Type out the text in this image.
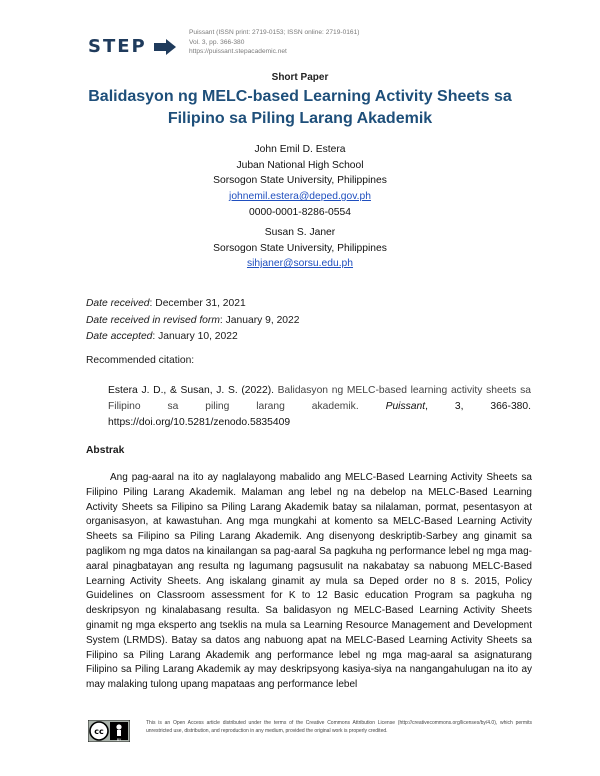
STEP
Puissant (ISSN print: 2719-0153; ISSN online: 2719-0161)
Vol. 3, pp. 366-380
https://puissant.stepacademic.net
Short Paper
Balidasyon ng MELC-based Learning Activity Sheets sa
Filipino sa Piling Larang Akademik
John Emil D. Estera
Juban National High School
Sorsogon State University, Philippines
johnemil.estera@deped.gov.ph
0000-0001-8286-0554
Susan S. Janer
Sorsogon State University, Philippines
sihjaner@sorsu.edu.ph
Date received: December 31, 2021
Date received in revised form: January 9, 2022
Date accepted: January 10, 2022
Recommended citation:
Estera J. D., & Susan, J. S. (2022). Balidasyon ng MELC-based learning activity sheets sa Filipino sa piling larang akademik. Puissant, 3, 366-380. https://doi.org/10.5281/zenodo.5835409
Abstrak
Ang pag-aaral na ito ay naglalayong mabalido ang MELC-Based Learning Activity Sheets sa Filipino Piling Larang Akademik. Malaman ang lebel ng na debelop na MELC-Based Learning Activity Sheets sa Filipino sa Piling Larang Akademik batay sa nilalaman, pormat, pesentasyon at organisasyon, at kawastuhan. Ang mga mungkahi at komento sa MELC-Based Learning Activity Sheets sa Filipino sa Piling Larang Akademik. Ang disenyong deskriptib-Sarbey ang ginamit sa paglikom ng mga datos na kinailangan sa pag-aaral Sa pagkuha ng performance lebel ng mga mag-aaral pinagbatayan ang resulta ng lagumang pagsusulit na nakabatay sa nabuong MELC-Based Learning Activity Sheets. Ang iskalang ginamit ay mula sa Deped order no 8 s. 2015, Policy Guidelines on Classroom assessment for K to 12 Basic education Program sa pagkuha ng deskripsyon ng kinalabasang resulta. Sa balidasyon ng MELC-Based Learning Activity Sheets ginamit ng mga eksperto ang tseklis na mula sa Learning Resource Management and Development System (LRMDS). Batay sa datos ang nabuong apat na MELC-Based Learning Activity Sheets sa Filipino sa Piling Larang Akademik ang performance lebel ng mga mag-aaral sa asignaturang Filipino sa Piling Larang Akademik ay may deskripsyong kasiya-siya na nangangahulugan na ito ay may malaking tulong upang mapataas ang performance lebel
cc
BY
This is an Open Access article distributed under the terms of the Creative Commons Attribution License (http://creativecommons.org/licenses/by/4.0), which permits unrestricted use, distribution, and reproduction in any medium, provided the original work is properly credited.
